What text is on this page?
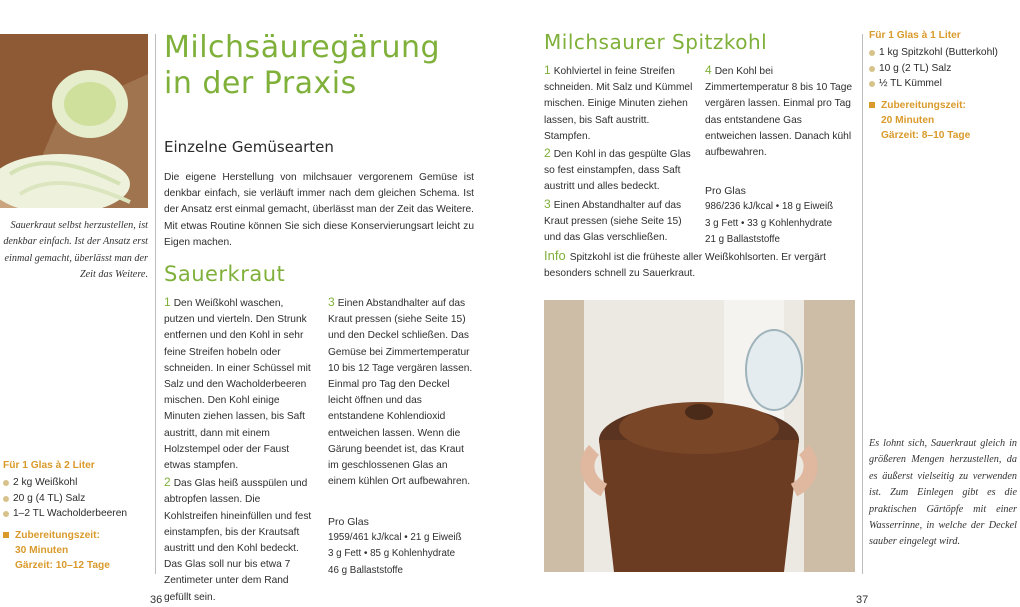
Sauerkraut selbst herzustellen, ist denkbar einfach. Ist der Ansatz erst einmal gemacht, überlässt man der Zeit das Weitere.
Milchsäuregärung
in der Praxis
Einzelne Gemüsearten
Die eigene Herstellung von milchsauer vergorenem Gemüse ist denkbar einfach, sie verläuft immer nach dem gleichen Schema. Ist der Ansatz erst einmal gemacht, überlässt man der Zeit das Weitere. Mit etwas Routine können Sie sich diese Konservierungsart leicht zu Eigen machen.
Sauerkraut
1 Den Weißkohl waschen, putzen und vierteln. Den Strunk entfernen und den Kohl in sehr feine Streifen hobeln oder schneiden. In einer Schüssel mit Salz und den Wacholderbeeren mischen. Den Kohl einige Minuten ziehen lassen, bis Saft austritt, dann mit einem Holzstempel oder der Faust etwas stampfen.
2 Das Glas heiß ausspülen und abtropfen lassen. Die Kohlstreifen hineinfüllen und fest einstampfen, bis der Krautsaft austritt und den Kohl bedeckt. Das Glas soll nur bis etwa 7 Zentimeter unter dem Rand gefüllt sein.
3 Einen Abstandhalter auf das Kraut pressen (siehe Seite 15) und den Deckel schließen. Das Gemüse bei Zimmertemperatur 10 bis 12 Tage vergären lassen. Einmal pro Tag den Deckel leicht öffnen und das entstandene Kohlendioxid entweichen lassen. Wenn die Gärung beendet ist, das Kraut im geschlossenen Glas an einem kühlen Ort aufbewahren.
Pro Glas
1959/461 kJ/kcal • 21 g Eiweiß
3 g Fett • 85 g Kohlenhydrate
46 g Ballaststoffe
Für 1 Glas à 2 Liter
2 kg Weißkohl
20 g (4 TL) Salz
1–2 TL Wacholderbeeren
Zubereitungszeit:
30 Minuten
Gärzeit: 10–12 Tage
36
Milchsaurer Spitzkohl
1 Kohlviertel in feine Streifen schneiden. Mit Salz und Kümmel mischen. Einige Minuten ziehen lassen, bis Saft austritt. Stampfen.
2 Den Kohl in das gespülte Glas so fest einstampfen, dass Saft austritt und alles bedeckt.
3 Einen Abstandhalter auf das Kraut pressen (siehe Seite 15) und das Glas verschließen.
4 Den Kohl bei Zimmertemperatur 8 bis 10 Tage vergären lassen. Einmal pro Tag das entstandene Gas entweichen lassen. Danach kühl aufbewahren.
Pro Glas
986/236 kJ/kcal • 18 g Eiweiß
3 g Fett • 33 g Kohlenhydrate
21 g Ballaststoffe
Info Spitzkohl ist die früheste aller Weißkohlsorten. Er vergärt besonders schnell zu Sauerkraut.
Für 1 Glas à 1 Liter
1 kg Spitzkohl (Butterkohl)
10 g (2 TL) Salz
½ TL Kümmel
Zubereitungszeit:
20 Minuten
Gärzeit: 8–10 Tage
Es lohnt sich, Sauerkraut gleich in größeren Mengen herzustellen, da es äußerst vielseitig zu verwenden ist. Zum Einlegen gibt es die praktischen Gärtöpfe mit einer Wasserrinne, in welche der Deckel sauber eingelegt wird.
37
